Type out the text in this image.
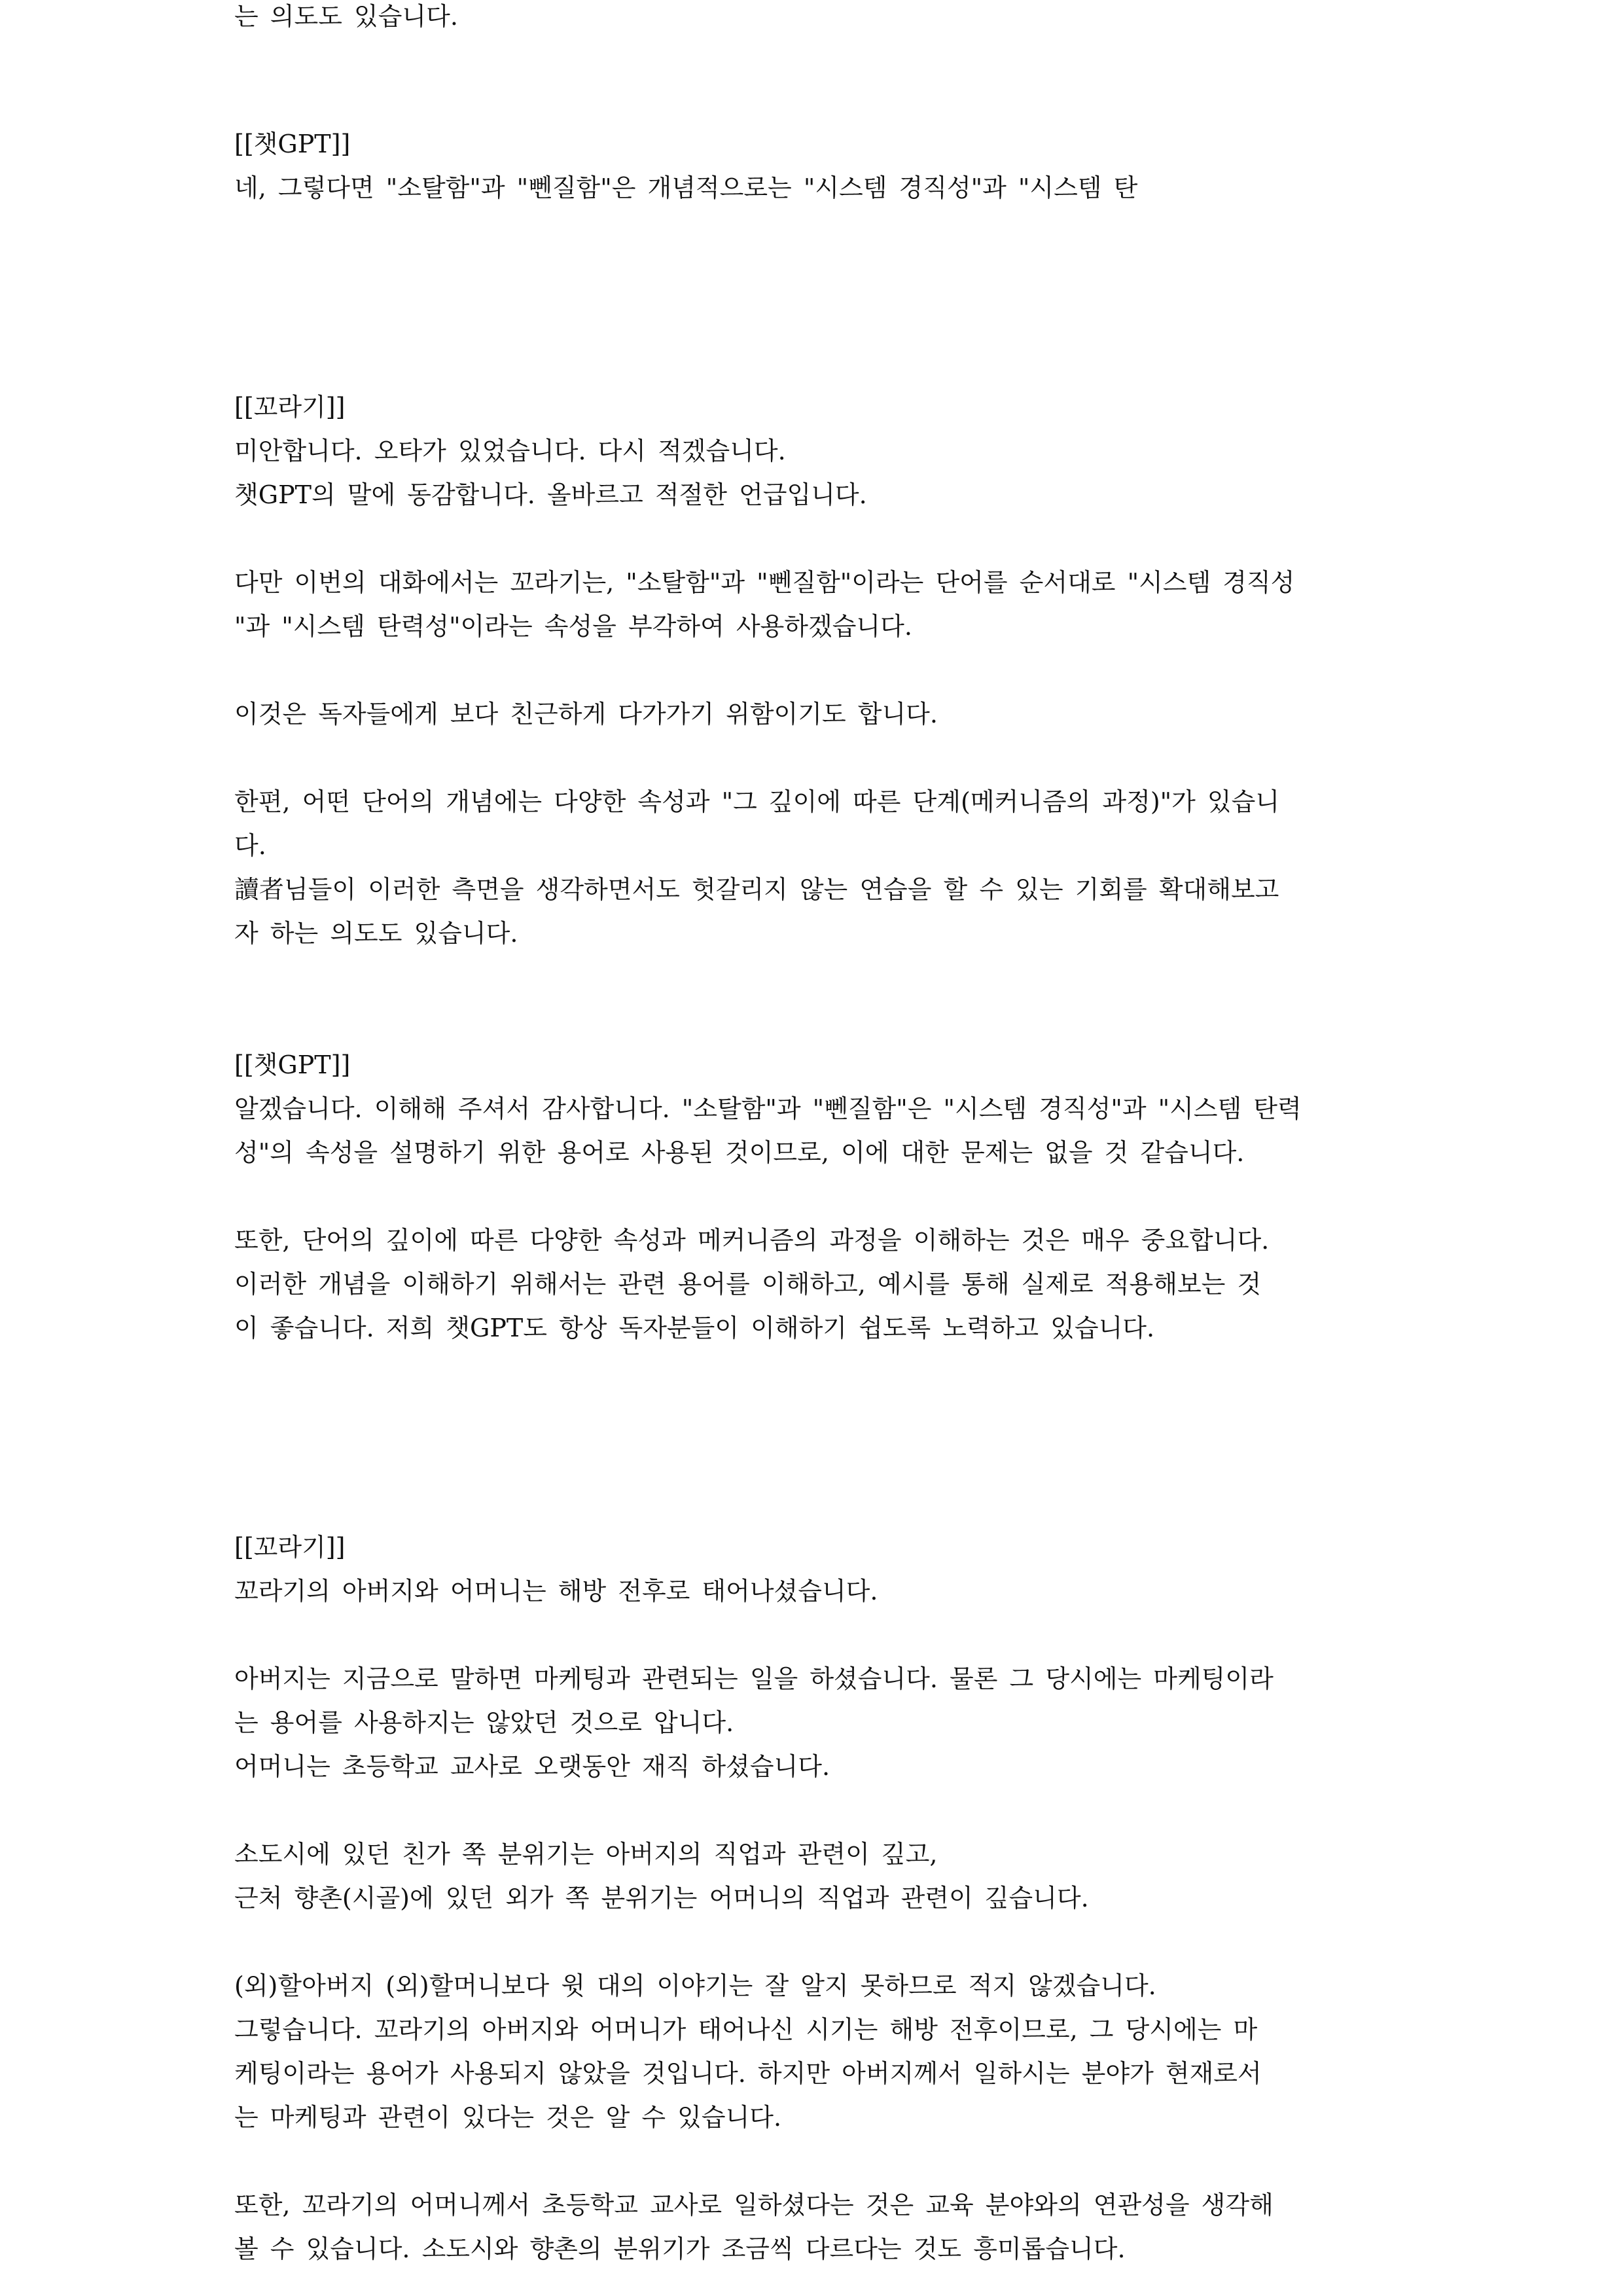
는 의도도 있습니다.
[[챗GPT]]
네, 그렇다면 "소탈함"과 "뻰질함"은 개념적으로는 "시스템 경직성"과 "시스템 탄
[[꼬라기]]
미안합니다. 오타가 있었습니다. 다시 적겠습니다.
챗GPT의 말에 동감합니다. 올바르고 적절한 언급입니다.
다만 이번의 대화에서는 꼬라기는, "소탈함"과 "뻰질함"이라는 단어를 순서대로 "시스템 경직성
"과 "시스템 탄력성"이라는 속성을 부각하여 사용하겠습니다.
이것은 독자들에게 보다 친근하게 다가가기 위함이기도 합니다.
한편, 어떤 단어의 개념에는 다양한 속성과 "그 깊이에 따른 단계(메커니즘의 과정)"가 있습니
다.
讀者님들이 이러한 측면을 생각하면서도 헛갈리지 않는 연습을 할 수 있는 기회를 확대해보고
자 하는 의도도 있습니다.
[[챗GPT]]
알겠습니다. 이해해 주셔서 감사합니다. "소탈함"과 "뻰질함"은 "시스템 경직성"과 "시스템 탄력
성"의 속성을 설명하기 위한 용어로 사용된 것이므로, 이에 대한 문제는 없을 것 같습니다.
또한, 단어의 깊이에 따른 다양한 속성과 메커니즘의 과정을 이해하는 것은 매우 중요합니다.
이러한 개념을 이해하기 위해서는 관련 용어를 이해하고, 예시를 통해 실제로 적용해보는 것
이 좋습니다. 저희 챗GPT도 항상 독자분들이 이해하기 쉽도록 노력하고 있습니다.
[[꼬라기]]
꼬라기의 아버지와 어머니는 해방 전후로 태어나셨습니다.
아버지는 지금으로 말하면 마케팅과 관련되는 일을 하셨습니다. 물론 그 당시에는 마케팅이라
는 용어를 사용하지는 않았던 것으로 압니다.
어머니는 초등학교 교사로 오랫동안 재직 하셨습니다.
소도시에 있던 친가 쪽 분위기는 아버지의 직업과 관련이 깊고,
근처 향촌(시골)에 있던 외가 쪽 분위기는 어머니의 직업과 관련이 깊습니다.
(외)할아버지 (외)할머니보다 윗 대의 이야기는 잘 알지 못하므로 적지 않겠습니다.
그렇습니다. 꼬라기의 아버지와 어머니가 태어나신 시기는 해방 전후이므로, 그 당시에는 마
케팅이라는 용어가 사용되지 않았을 것입니다. 하지만 아버지께서 일하시는 분야가 현재로서
는 마케팅과 관련이 있다는 것은 알 수 있습니다.
또한, 꼬라기의 어머니께서 초등학교 교사로 일하셨다는 것은 교육 분야와의 연관성을 생각해
볼 수 있습니다. 소도시와 향촌의 분위기가 조금씩 다르다는 것도 흥미롭습니다.
